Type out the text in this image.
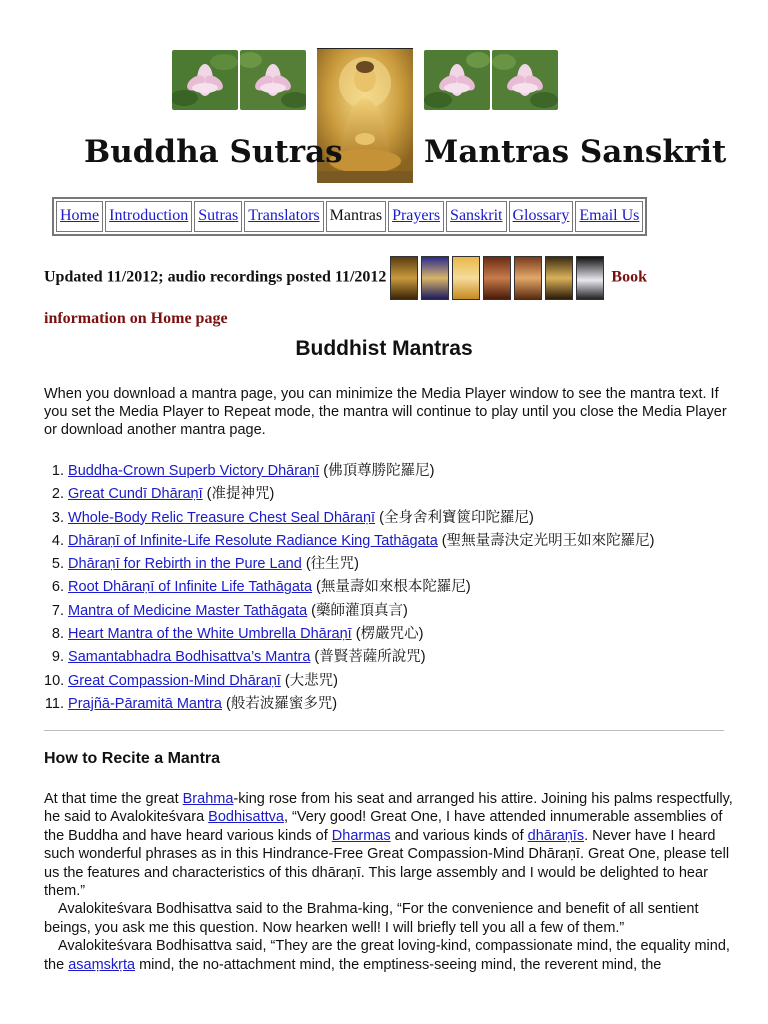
Buddha Sutras	Mantras Sanskrit
Home	Introduction	Sutras	Translators	Mantras	Prayers	Sanskrit	Glossary	Email Us
Updated 11/2012; audio recordings posted 11/2012	Book
information on Home page
Buddhist Mantras

When you download a mantra page, you can minimize the Media Player window to see the mantra text. If you set the Media Player to Repeat mode, the mantra will continue to play until you close the Media Player or download another mantra page.

1. Buddha-Crown Superb Victory Dhāraṇī (佛頂尊勝陀羅尼)
2. Great Cundī Dhāraṇī (准提神咒)
3. Whole-Body Relic Treasure Chest Seal Dhāraṇī (全身舍利寶篋印陀羅尼)
4. Dhāraṇī of Infinite-Life Resolute Radiance King Tathāgata (聖無量壽決定光明王如來陀羅尼)
5. Dhāraṇī for Rebirth in the Pure Land (往生咒)
6. Root Dhāraṇī of Infinite Life Tathāgata (無量壽如來根本陀羅尼)
7. Mantra of Medicine Master Tathāgata (藥師灌頂真言)
8. Heart Mantra of the White Umbrella Dhāraṇī (楞嚴咒心)
9. Samantabhadra Bodhisattva’s Mantra (普賢菩薩所說咒)
10. Great Compassion-Mind Dhāraṇī (大悲咒)
11. Prajñā-Pāramitā Mantra (般若波羅蜜多咒)
How to Recite a Mantra

At that time the great Brahma-king rose from his seat and arranged his attire. Joining his palms respectfully, he said to Avalokiteśvara Bodhisattva, “Very good! Great One, I have attended innumerable assemblies of the Buddha and have heard various kinds of Dharmas and various kinds of dhāraṇīs. Never have I heard such wonderful phrases as in this Hindrance-Free Great Compassion-Mind Dhāraṇī. Great One, please tell us the features and characteristics of this dhāraṇī. This large assembly and I would be delighted to hear them.”

Avalokiteśvara Bodhisattva said to the Brahma-king, “For the convenience and benefit of all sentient beings, you ask me this question. Now hearken well! I will briefly tell you all a few of them.”

Avalokiteśvara Bodhisattva said, “They are the great loving-kind, compassionate mind, the equality mind, the asaṃskṛta mind, the no-attachment mind, the emptiness-seeing mind, the reverent mind, the
